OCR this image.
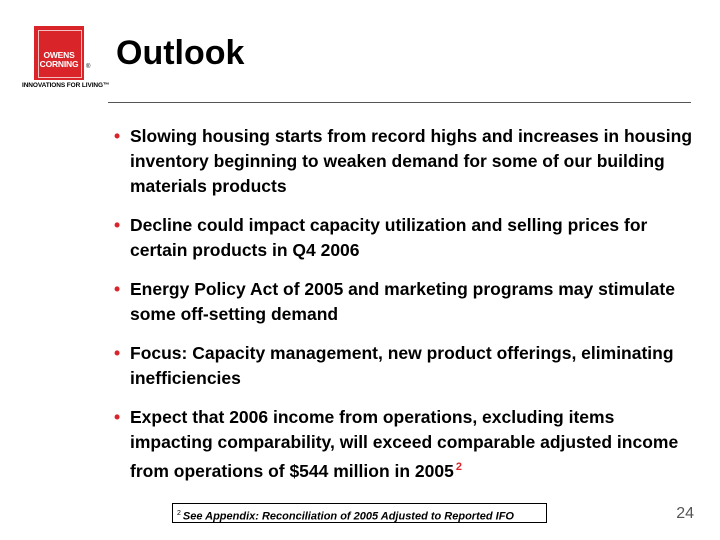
OWENS
CORNING	®
INNOVATIONS FOR LIVING™
Outlook
• Slowing housing starts from record highs and increases in housing inventory beginning to weaken demand for some of our building materials products
• Decline could impact capacity utilization and selling prices for certain products in Q4 2006
• Energy Policy Act of 2005 and marketing programs may stimulate some off-setting demand
• Focus: Capacity management, new product offerings, eliminating inefficiencies
• Expect that 2006 income from operations, excluding items impacting comparability, will exceed comparable adjusted income from operations of $544 million in 2005 $^2$
$^2$ See Appendix: Reconciliation of 2005 Adjusted to Reported IFO	24
